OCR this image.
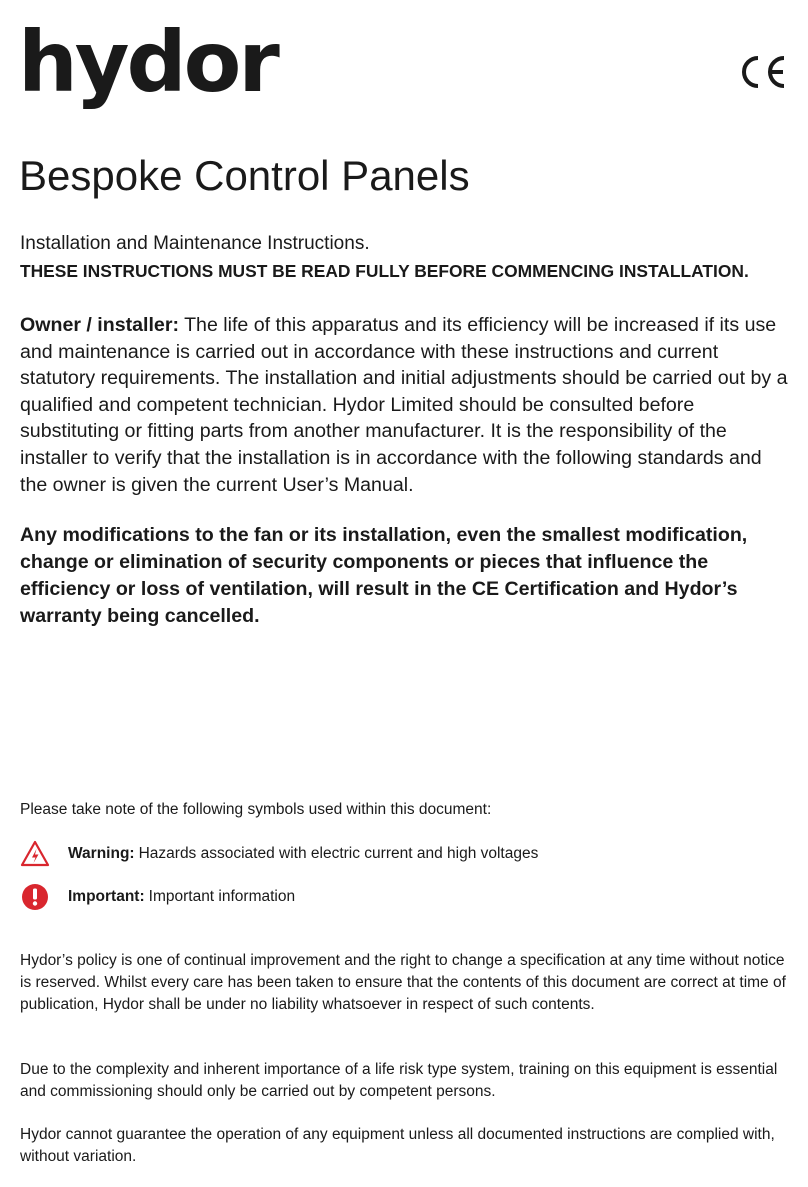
hydor
Bespoke Control Panels

Installation and Maintenance Instructions.

THESE INSTRUCTIONS MUST BE READ FULLY BEFORE COMMENCING INSTALLATION.

Owner / installer: The life of this apparatus and its efficiency will be increased if its use and maintenance is carried out in accordance with these instructions and current statutory requirements. The installation and initial adjustments should be carried out by a qualified and competent technician. Hydor Limited should be consulted before substituting or fitting parts from another manufacturer. It is the responsibility of the installer to verify that the installation is in accordance with the following standards and the owner is given the current User’s Manual.

Any modifications to the fan or its installation, even the smallest modification, change or elimination of security components or pieces that influence the efficiency or loss of ventilation, will result in the CE Certification and Hydor’s warranty being cancelled.

Please take note of the following symbols used within this document:

Warning: Hazards associated with electric current and high voltages
Important: Important information

Hydor’s policy is one of continual improvement and the right to change a specification at any time without notice is reserved. Whilst every care has been taken to ensure that the contents of this document are correct at time of publication, Hydor shall be under no liability whatsoever in respect of such contents.

Due to the complexity and inherent importance of a life risk type system, training on this equipment is essential and commissioning should only be carried out by competent persons.

Hydor cannot guarantee the operation of any equipment unless all documented instructions are complied with, without variation.
